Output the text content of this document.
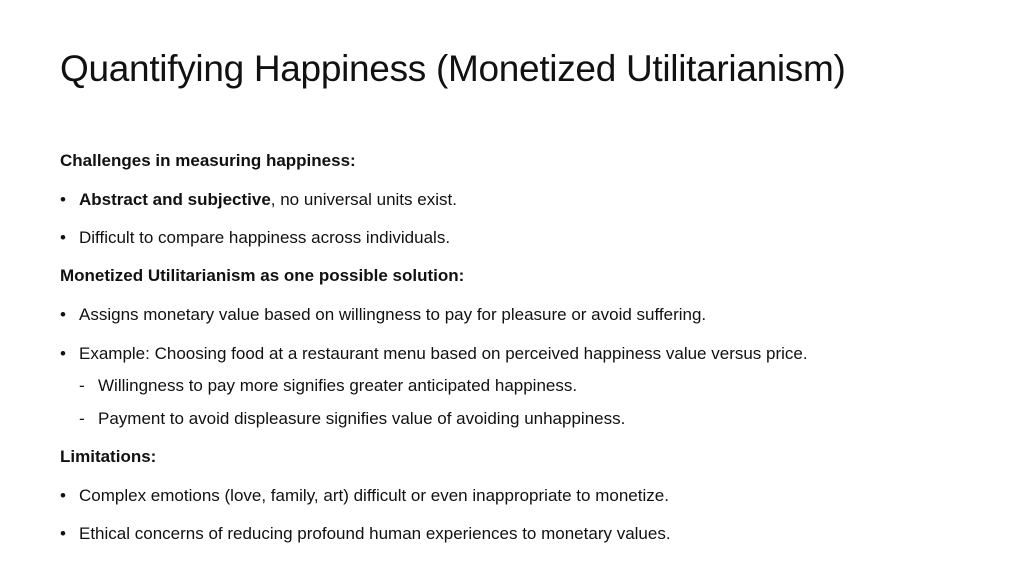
Quantifying Happiness (Monetized Utilitarianism)
Challenges in measuring happiness:
• Abstract and subjective, no universal units exist.
• Difficult to compare happiness across individuals.
Monetized Utilitarianism as one possible solution:
• Assigns monetary value based on willingness to pay for pleasure or avoid suffering.
• Example: Choosing food at a restaurant menu based on perceived happiness value versus price.
- Willingness to pay more signifies greater anticipated happiness.
- Payment to avoid displeasure signifies value of avoiding unhappiness.
Limitations:
• Complex emotions (love, family, art) difficult or even inappropriate to monetize.
• Ethical concerns of reducing profound human experiences to monetary values.
